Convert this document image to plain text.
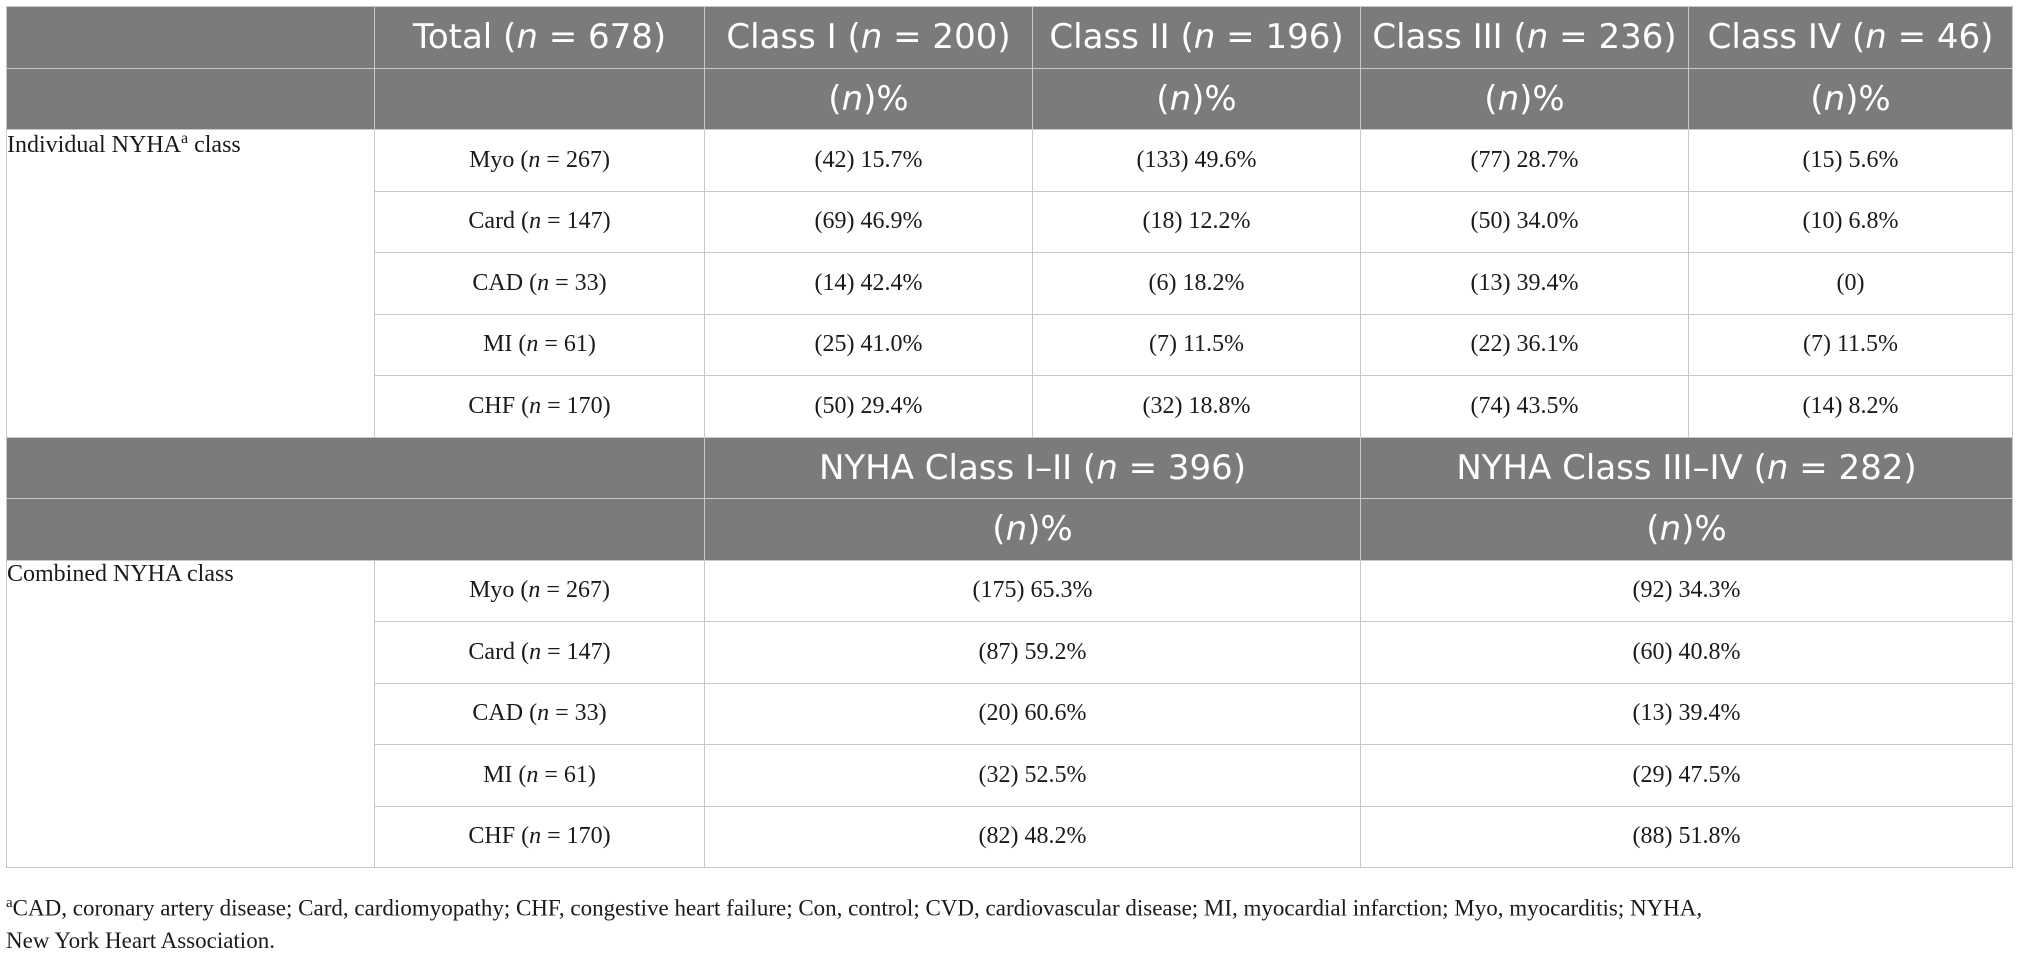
	Total (n = 678)	Class I (n = 200)	Class II (n = 196)	Class III (n = 236)	Class IV (n = 46)
		(n)%	(n)%	(n)%	(n)%
Individual NYHA$^a$ class	Myo (n = 267)	(42) 15.7%	(133) 49.6%	(77) 28.7%	(15) 5.6%
	Card (n = 147)	(69) 46.9%	(18) 12.2%	(50) 34.0%	(10) 6.8%
	CAD (n = 33)	(14) 42.4%	(6) 18.2%	(13) 39.4%	(0)
	MI (n = 61)	(25) 41.0%	(7) 11.5%	(22) 36.1%	(7) 11.5%
	CHF (n = 170)	(50) 29.4%	(32) 18.8%	(74) 43.5%	(14) 8.2%
		NYHA Class I–II (n = 396)		NYHA Class III–IV (n = 282)	
		(n)%		(n)%	
Combined NYHA class	Myo (n = 267)	(175) 65.3%		(92) 34.3%	
	Card (n = 147)	(87) 59.2%		(60) 40.8%	
	CAD (n = 33)	(20) 60.6%		(13) 39.4%	
	MI (n = 61)	(32) 52.5%		(29) 47.5%	
	CHF (n = 170)	(82) 48.2%		(88) 51.8%	
$^a$CAD, coronary artery disease; Card, cardiomyopathy; CHF, congestive heart failure; Con, control; CVD, cardiovascular disease; MI, myocardial infarction; Myo, myocarditis; NYHA,
New York Heart Association.
